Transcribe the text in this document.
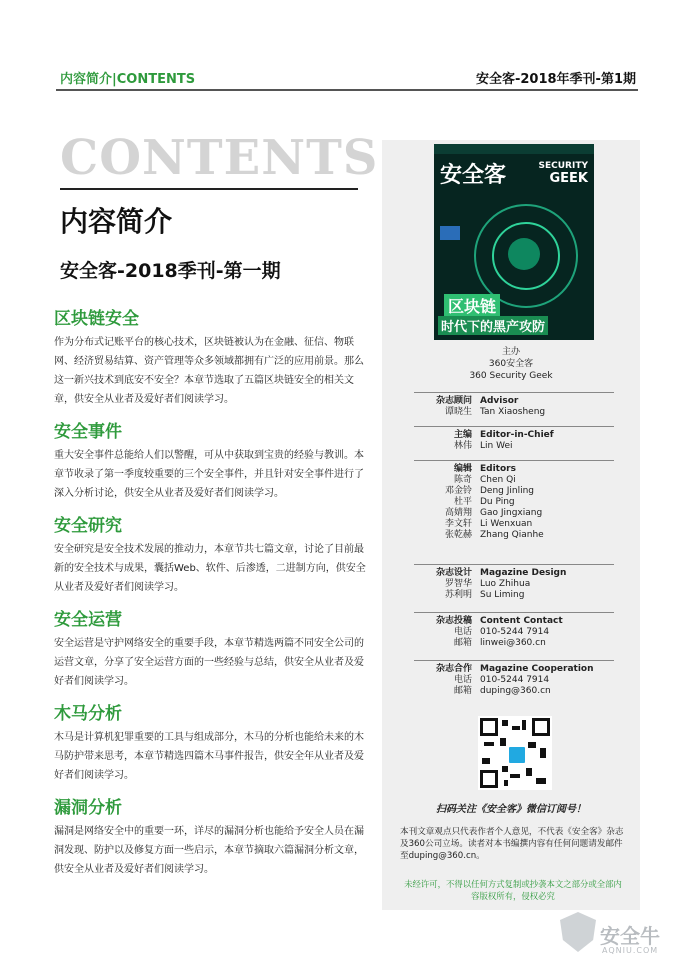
内容简介|CONTENTS	安全客-2018年季刊-第1期
CONTENTS
内容简介
安全客-2018季刊-第一期

区块链安全

作为分布式记账平台的核心技术，区块链被认为在金融、征信、物联网、经济贸易结算、资产管理等众多领域都拥有广泛的应用前景。那么这一新兴技术到底安不安全？本章节选取了五篇区块链安全的相关文章，供安全从业者及爱好者们阅读学习。

安全事件

重大安全事件总能给人们以警醒，可从中获取到宝贵的经验与教训。本章节收录了第一季度较重要的三个安全事件，并且针对安全事件进行了深入分析讨论，供安全从业者及爱好者们阅读学习。

安全研究

安全研究是安全技术发展的推动力，本章节共七篇文章，讨论了目前最新的安全技术与成果，囊括Web、软件、后渗透，二进制方向，供安全从业者及爱好者们阅读学习。

安全运营

安全运营是守护网络安全的重要手段，本章节精选两篇不同安全公司的运营文章，分享了安全运营方面的一些经验与总结，供安全从业者及爱好者们阅读学习。

木马分析

木马是计算机犯罪重要的工具与组成部分，木马的分析也能给未来的木马防护带来思考，本章节精选四篇木马事件报告，供安全年从业者及爱好者们阅读学习。

漏洞分析

漏洞是网络安全中的重要一环，详尽的漏洞分析也能给予安全人员在漏洞发现、防护以及修复方面一些启示，本章节摘取六篇漏洞分析文章，供安全从业者及爱好者们阅读学习。

安全客	SECURITY
GEEK
区块链
时代下的黑产攻防
主办
360安全客
360 Security Geek
杂志顾问 Advisor
谭晓生 Tan Xiaosheng
主编 Editor-in-Chief
林伟 Lin Wei
编辑 Editors
陈奇 Chen Qi
邓金铃 Deng Jinling
杜平 Du Ping
高婧翔 Gao Jingxiang
李文轩 Li Wenxuan
张乾赫 Zhang Qianhe
杂志设计 Magazine Design
罗智华 Luo Zhihua
苏利明 Su Liming
杂志投稿 Content Contact
电话 010-5244 7914
邮箱 linwei@360.cn
杂志合作 Magazine Cooperation
电话 010-5244 7914
邮箱 duping@360.cn
扫码关注《安全客》微信订阅号！
本刊文章观点只代表作者个人意见，不代表《安全客》杂志及360公司立场。读者对本书编撰内容有任何问题请发邮件至duping@360.cn。
未经许可，不得以任何方式复制或抄袭本文之部分或全部内容版权所有，侵权必究
安全牛
AQNIU.COM
